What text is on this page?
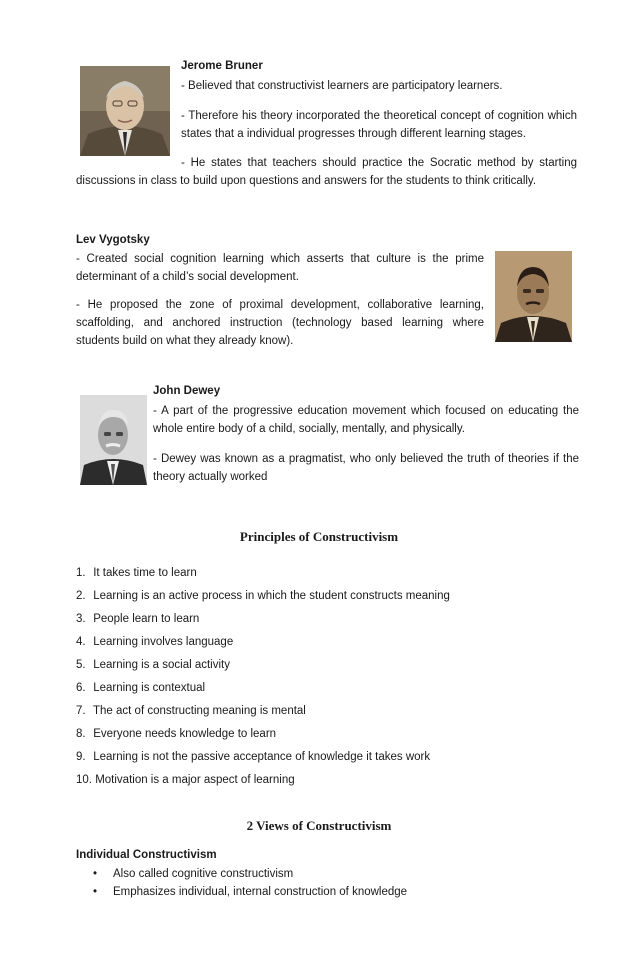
Jerome Bruner

- Believed that constructivist learners are participatory learners.

- Therefore his theory incorporated the theoretical concept of cognition which states that a individual progresses through different learning stages.

- He states that teachers should practice the Socratic method by starting

discussions in class to build upon questions and answers for the students to think critically.

Lev Vygotsky

- Created social cognition learning which asserts that culture is the prime determinant of a child’s social development.

- He proposed the zone of proximal development, collaborative learning, scaffolding, and anchored instruction (technology based learning where students build on what they already know).

John Dewey

- A part of the progressive education movement which focused on educating the whole entire body of a child, socially, mentally, and physically.

- Dewey was known as a pragmatist, who only believed the truth of theories if the theory actually worked

Principles of Constructivism
1. It takes time to learn
2. Learning is an active process in which the student constructs meaning
3. People learn to learn
4. Learning involves language
5. Learning is a social activity
6. Learning is contextual
7. The act of constructing meaning is mental
8. Everyone needs knowledge to learn
9. Learning is not the passive acceptance of knowledge it takes work
10. Motivation is a major aspect of learning
2 Views of Constructivism
Individual Constructivism
• Also called cognitive constructivism
• Emphasizes individual, internal construction of knowledge
